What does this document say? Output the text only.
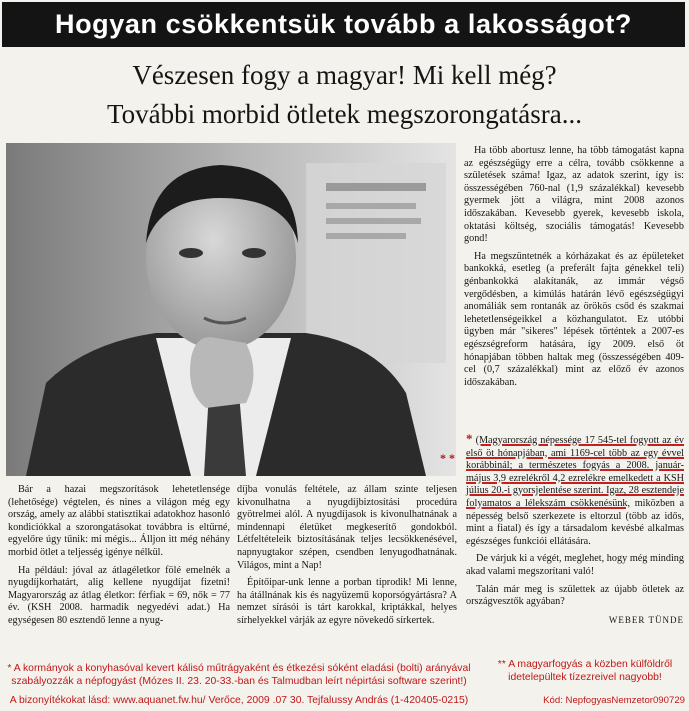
Hogyan csökkentsük tovább a lakosságot?
Vészesen fogy a magyar! Mi kell még?
További morbid ötletek megszorongatásra...

Ha több abortusz lenne, ha több támogatást kapna az egészségügy erre a célra, tovább csökkenne a születések száma! Igaz, az adatok szerint, így is: összességében 760-nal (1,9 százalékkal) kevesebb gyermek jött a világra, mint 2008 azonos időszakában. Kevesebb gyerek, kevesebb iskola, oktatási költség, szociális támogatás! Kevesebb gond!

Ha megszüntetnék a kórházakat és az épületeket bankokká, esetleg (a preferált fajta génekkel teli) génbankokká alakítanák, az immár végső vergődésben, a kimúlás határán lévő egészségügyi anomáliák sem rontanák az örökös csőd és szakmai lehetetlenségeikkel a közhangulatot. Ez utóbbi ügyben már "sikeres" lépések történtek a 2007-es egészségreform hatására, így 2009. első öt hónapjában többen haltak meg (összességében 409-cel (0,7 százalékkal) mint az előző év azonos időszakában.

* (Magyarország népessége 17 545-tel fogyott az év első öt hónapjában, ami 1169-cel több az egy évvel korábbinál; a természetes fogyás a 2008. január-május 3,9 ezrelékről 4,2 ezrelékre emelkedett a KSH július 20.-i gyorsjelentése szerint. Igaz, 28 esztendeje folyamatos a lélekszám csökkenésünk, miközben a népesség belső szerkezete is eltorzul (több az idős, mint a fiatal) és így a társadalom kevésbé alkalmas egészséges funkciói ellátására.

De várjuk ki a végét, meglehet, hogy még minding akad valami megszorítani való!

Talán már meg is születtek az újabb ötletek az országvesztők agyában?

WEBER TÜNDE
* *

Bár a hazai megszorítások lehetetlensége (lehetősége) végtelen, és nines a világon még egy ország, amely az alábbi statisztikai adatokhoz hasonló kondiciókkal a szorongatásokat továbbra is eltűrné, egyelőre úgy tűnik: mi mégis... Álljon itt még néhány morbid ötlet a teljesség igénye nélkül.

Ha például: jóval az átlagéletkor fölé emelnék a nyugdíjkorhatárt, alig kellene nyugdíjat fizetni! Magyarország az átlag életkor: férfiak = 69, nők = 77 év. (KSH 2008. harmadik negyedévi adat.) Ha egységesen 80 esztendő lenne a nyug-

díjba vonulás feltétele, az állam szinte teljesen kivonulhatna a nyugdíjbiztosítási procedúra gyötrelmei alól. A nyugdíjasok is kivonulhatnának a mindennapi életüket megkeserítő gondokból. Létfeltételeik biztosításának teljes lecsökkenésével, napnyugtakor szépen, csendben lenyugodhatnának. Világos, mint a Nap!

Építőipar‑unk lenne a porban tiprodik! Mi lenne, ha átállnának kis és nagyüzemű koporsógyártásra? A nemzet sírásói is tárt karokkal, kriptákkal, helyes sírhelyekkel várják az egyre növekedő sírkertek.

* A kormányok a konyhasóval kevert kálisó műtrágyaként és étkezési sóként eladási (bolti) arányával szabályozzák a népfogyást (Mózes II. 23. 20-33.-ban és Talmudban leírt népirtási software szerint!)
A bizonyítékokat lásd: www.aquanet.fw.hu/ Verőce, 2009 .07 30. Tejfalussy András (1-420405-0215)
** A magyarfogyás a közben külföldről idetelepültek tízezreivel nagyobb!
Kód: NepfogyasNemzetor090729
